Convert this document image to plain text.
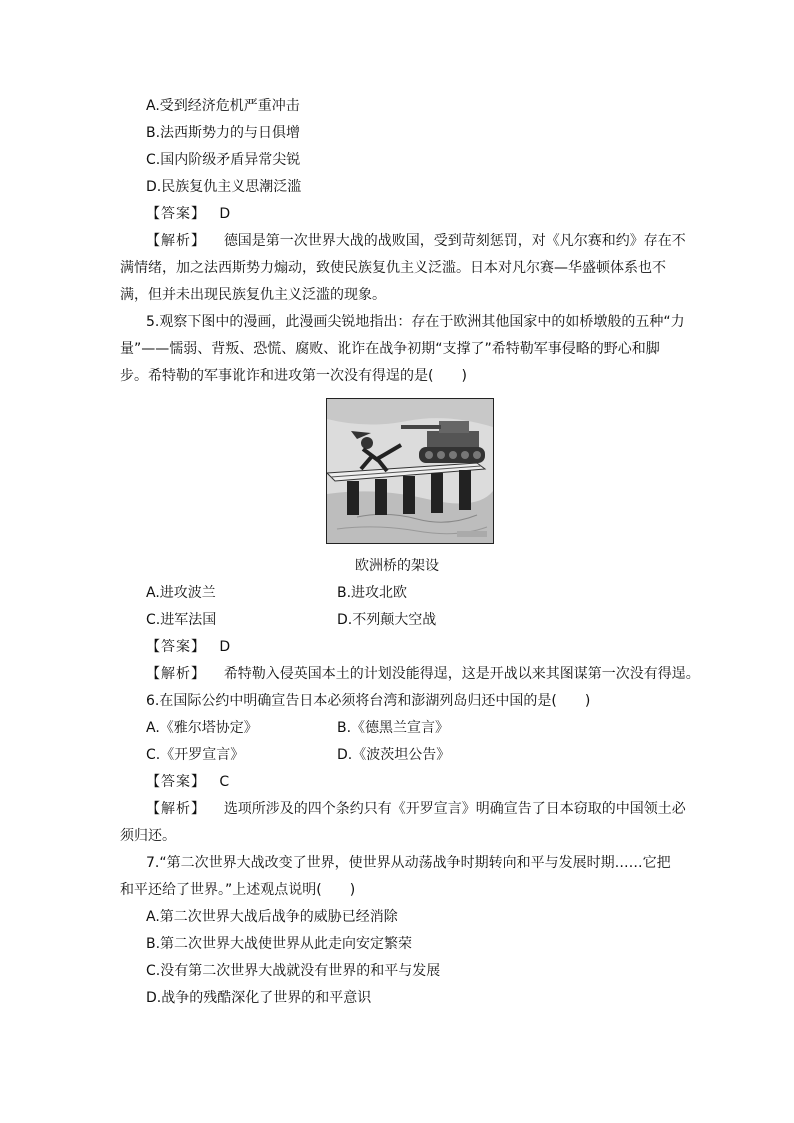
A.受到经济危机严重冲击
B.法西斯势力的与日俱增
C.国内阶级矛盾异常尖锐
D.民族复仇主义思潮泛滥
【答案】 D
【解析】 德国是第一次世界大战的战败国，受到苛刻惩罚，对《凡尔赛和约》存在不
满情绪，加之法西斯势力煽动，致使民族复仇主义泛滥。日本对凡尔赛—华盛顿体系也不
满，但并未出现民族复仇主义泛滥的现象。
5.观察下图中的漫画，此漫画尖锐地指出：存在于欧洲其他国家中的如桥墩般的五种“力
量”——懦弱、背叛、恐慌、腐败、讹诈在战争初期“支撑了”希特勒军事侵略的野心和脚
步。希特勒的军事讹诈和进攻第一次没有得逞的是(　　)
欧洲桥的架设
A.进攻波兰	B.进攻北欧
C.进军法国	D.不列颠大空战
【答案】 D
【解析】 希特勒入侵英国本土的计划没能得逞，这是开战以来其图谋第一次没有得逞。
6.在国际公约中明确宣告日本必须将台湾和澎湖列岛归还中国的是(　　)
A.《雅尔塔协定》	B.《德黑兰宣言》
C.《开罗宣言》	D.《波茨坦公告》
【答案】 C
【解析】 选项所涉及的四个条约只有《开罗宣言》明确宣告了日本窃取的中国领土必
须归还。
7.“第二次世界大战改变了世界，使世界从动荡战争时期转向和平与发展时期……它把
和平还给了世界。”上述观点说明(　　)
A.第二次世界大战后战争的威胁已经消除
B.第二次世界大战使世界从此走向安定繁荣
C.没有第二次世界大战就没有世界的和平与发展
D.战争的残酷深化了世界的和平意识
